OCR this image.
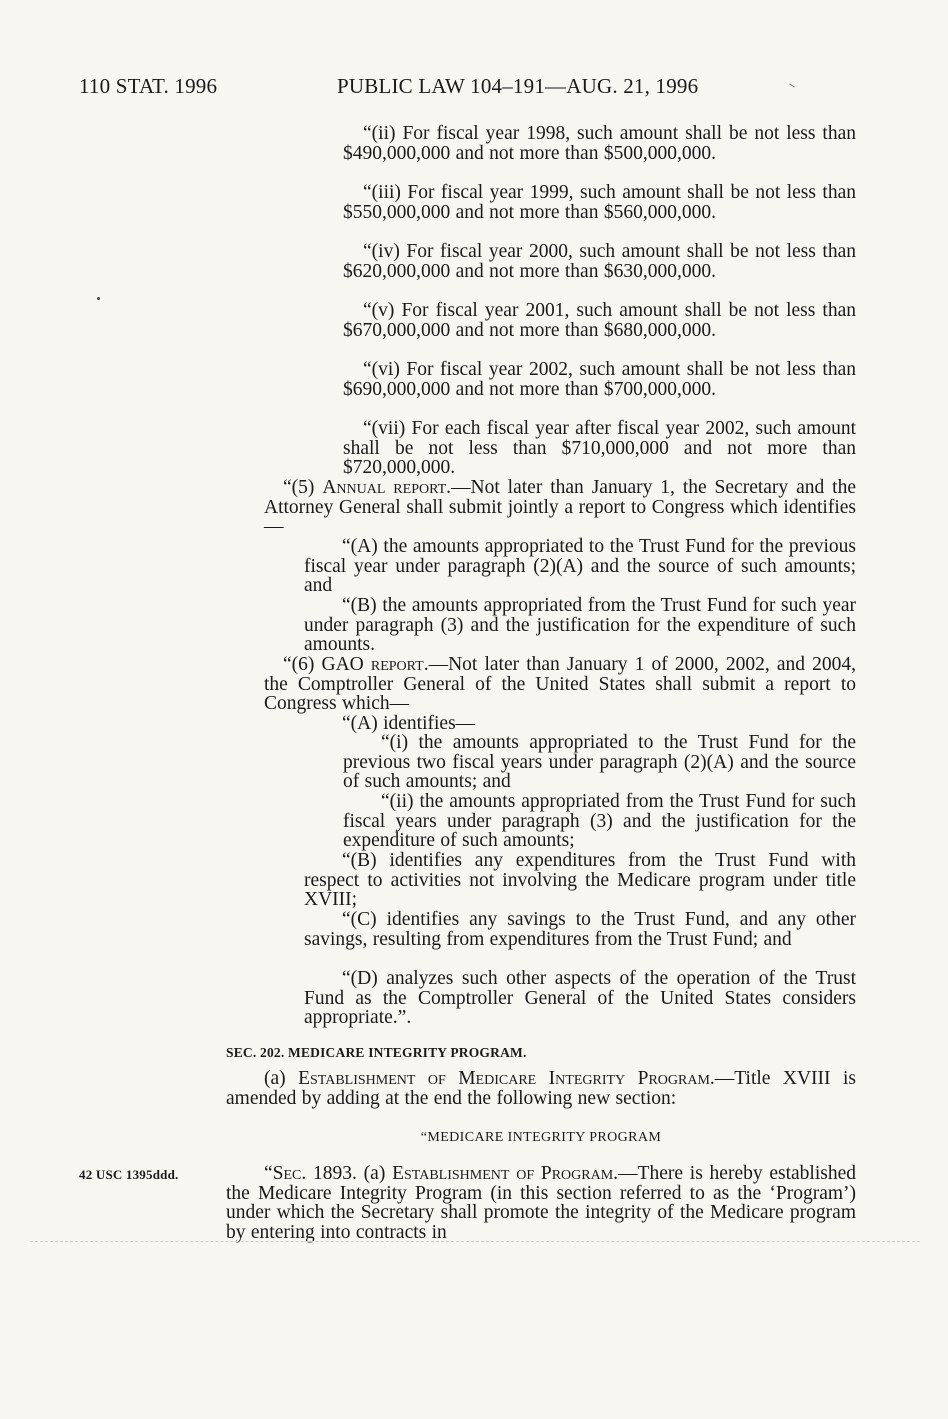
110 STAT. 1996	PUBLIC LAW 104–191—AUG. 21, 1996
“(ii) For fiscal year 1998, such amount shall be not less than $490,000,000 and not more than $500,000,000.
“(iii) For fiscal year 1999, such amount shall be not less than $550,000,000 and not more than $560,000,000.
“(iv) For fiscal year 2000, such amount shall be not less than $620,000,000 and not more than $630,000,000.
“(v) For fiscal year 2001, such amount shall be not less than $670,000,000 and not more than $680,000,000.
“(vi) For fiscal year 2002, such amount shall be not less than $690,000,000 and not more than $700,000,000.
“(vii) For each fiscal year after fiscal year 2002, such amount shall be not less than $710,000,000 and not more than $720,000,000.
“(5) Annual report.—Not later than January 1, the Secretary and the Attorney General shall submit jointly a report to Congress which identifies—
“(A) the amounts appropriated to the Trust Fund for the previous fiscal year under paragraph (2)(A) and the source of such amounts; and
“(B) the amounts appropriated from the Trust Fund for such year under paragraph (3) and the justification for the expenditure of such amounts.
“(6) GAO report.—Not later than January 1 of 2000, 2002, and 2004, the Comptroller General of the United States shall submit a report to Congress which—
“(A) identifies—
“(i) the amounts appropriated to the Trust Fund for the previous two fiscal years under paragraph (2)(A) and the source of such amounts; and
“(ii) the amounts appropriated from the Trust Fund for such fiscal years under paragraph (3) and the justification for the expenditure of such amounts;
“(B) identifies any expenditures from the Trust Fund with respect to activities not involving the Medicare program under title XVIII;
“(C) identifies any savings to the Trust Fund, and any other savings, resulting from expenditures from the Trust Fund; and
“(D) analyzes such other aspects of the operation of the Trust Fund as the Comptroller General of the United States considers appropriate.”.
SEC. 202. MEDICARE INTEGRITY PROGRAM.
(a) Establishment of Medicare Integrity Program.—Title XVIII is amended by adding at the end the following new section:
“MEDICARE INTEGRITY PROGRAM
42 USC 1395ddd.	“Sec. 1893. (a) Establishment of Program.—There is hereby established the Medicare Integrity Program (in this section referred to as the ‘Program’) under which the Secretary shall promote the integrity of the Medicare program by entering into contracts in
